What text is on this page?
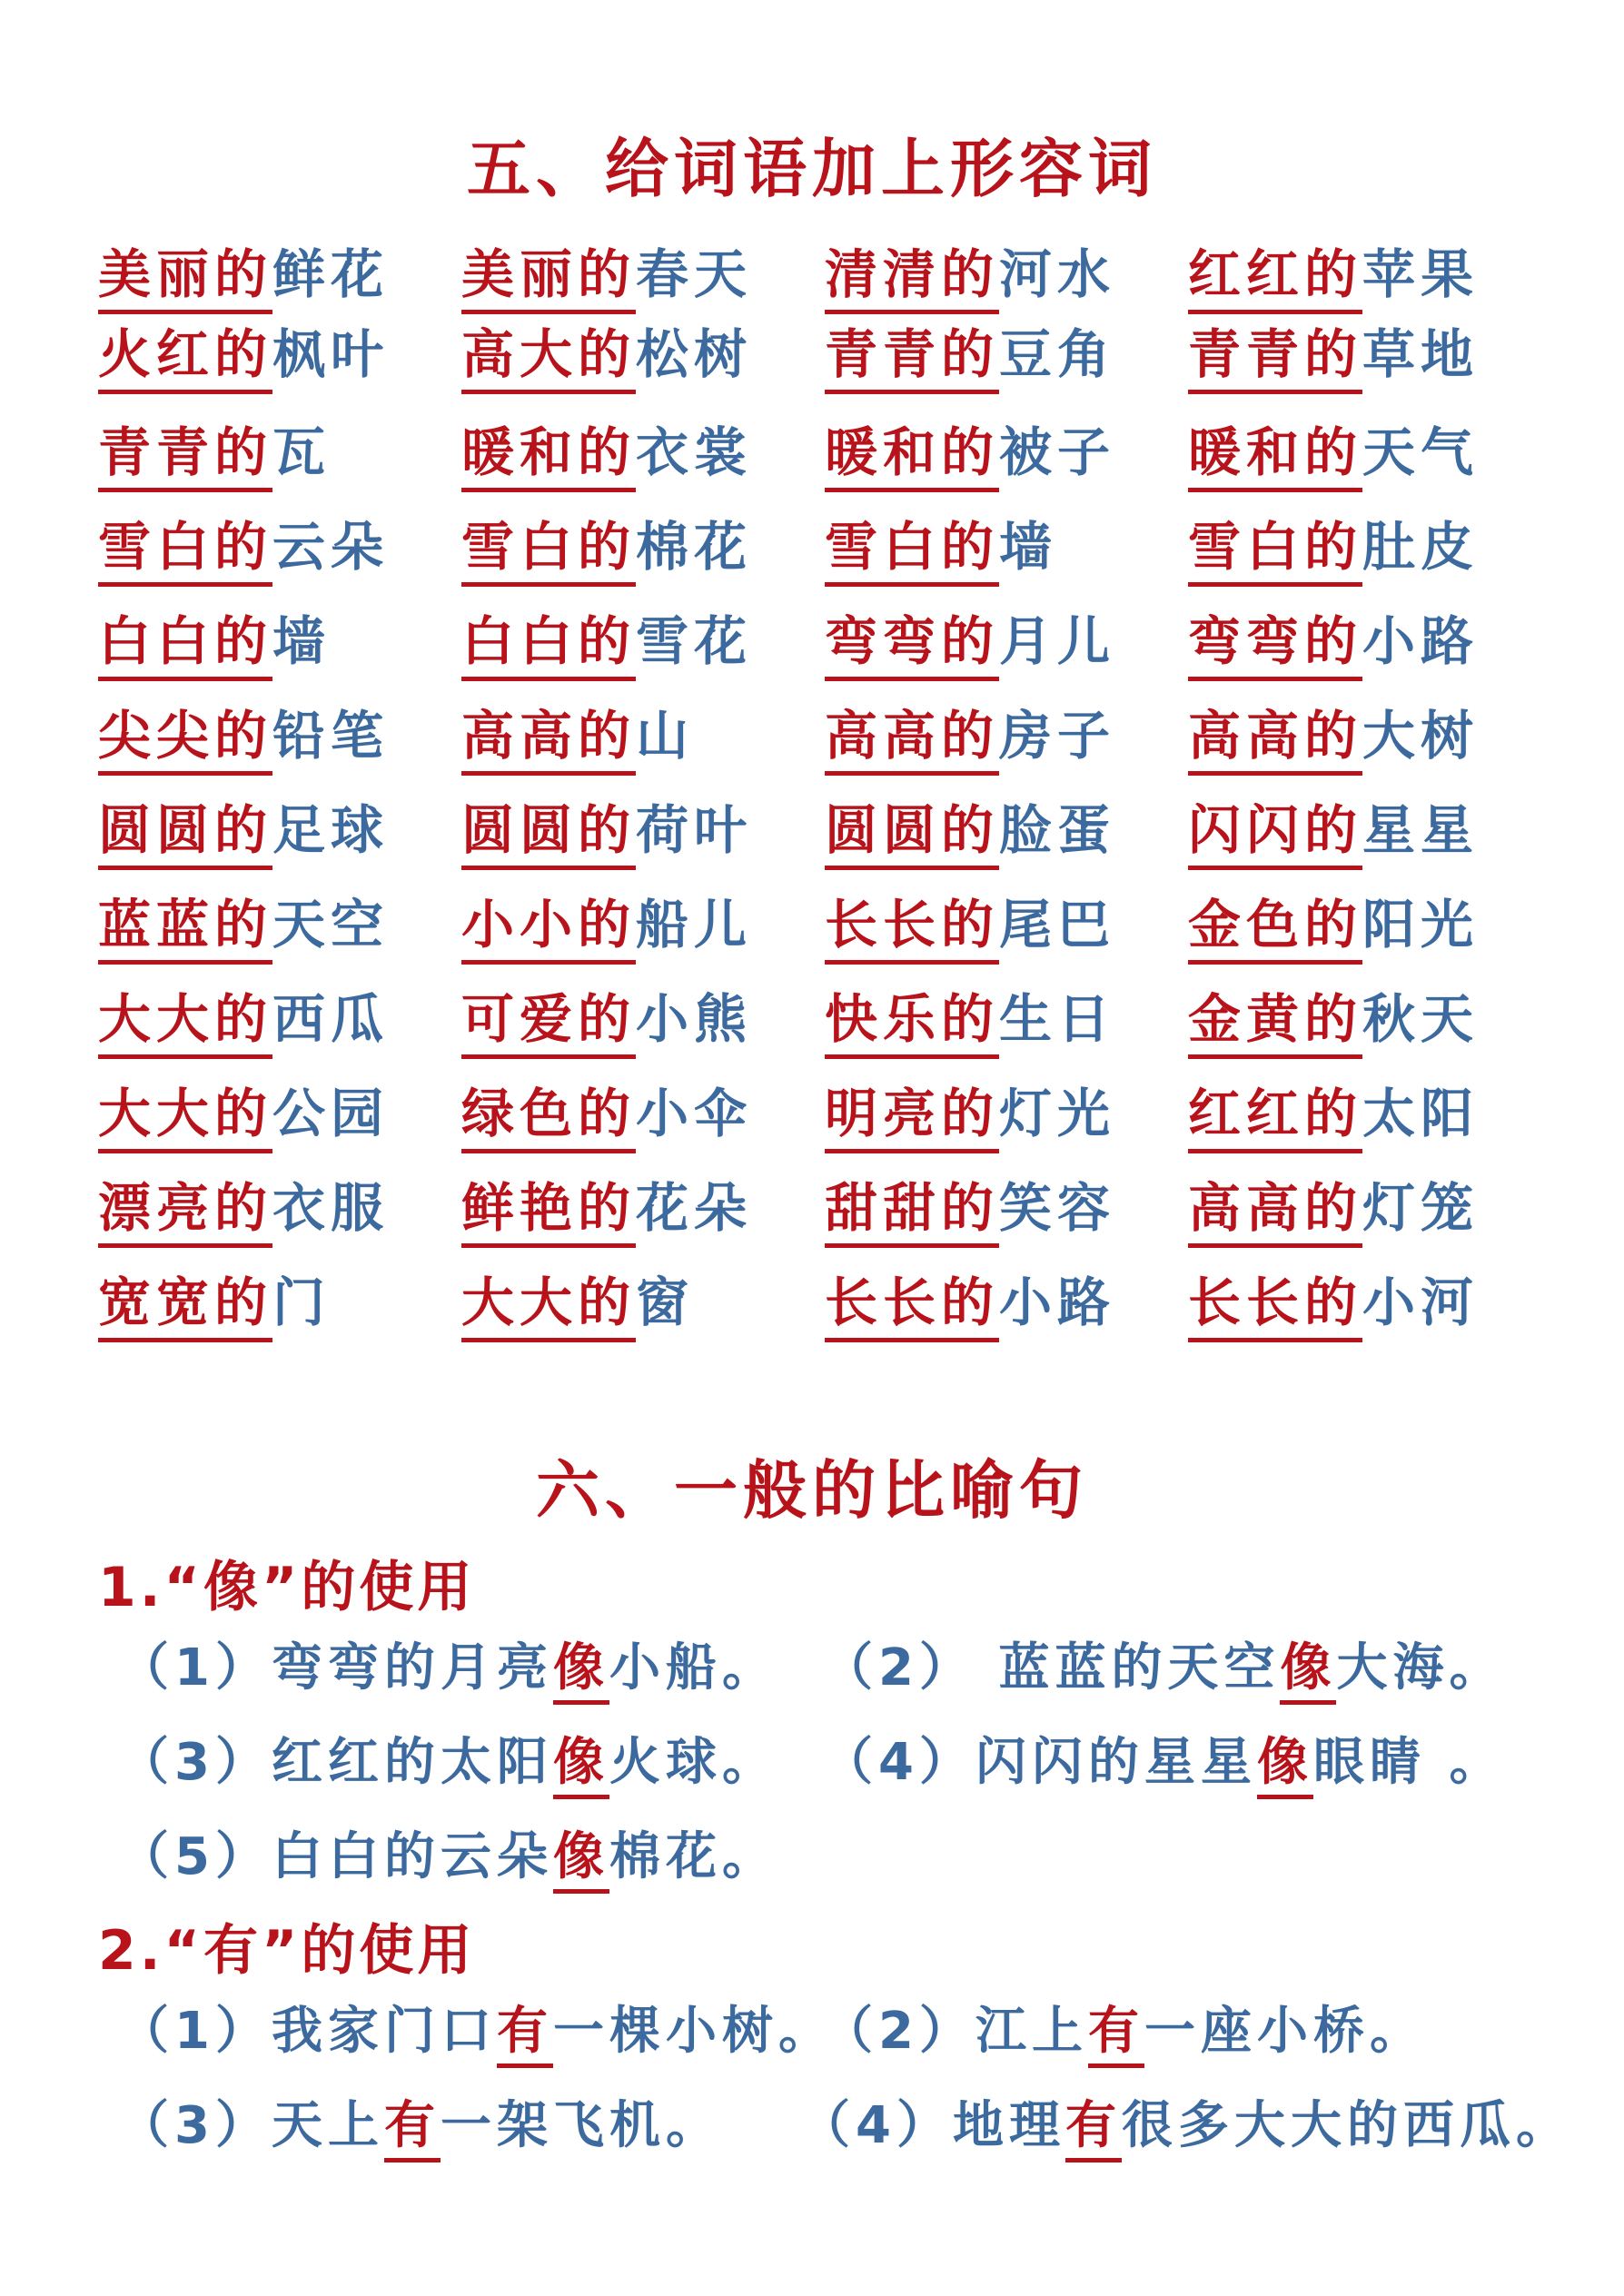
五、给词语加上形容词
美丽的鲜花 美丽的春天 清清的河水 红红的苹果
火红的枫叶 高大的松树 青青的豆角 青青的草地
青青的瓦 暖和的衣裳 暖和的被子 暖和的天气
雪白的云朵 雪白的棉花 雪白的墙 雪白的肚皮
白白的墙 白白的雪花 弯弯的月儿 弯弯的小路
尖尖的铅笔 高高的山 高高的房子 高高的大树
圆圆的足球 圆圆的荷叶 圆圆的脸蛋 闪闪的星星
蓝蓝的天空 小小的船儿 长长的尾巴 金色的阳光
大大的西瓜 可爱的小熊 快乐的生日 金黄的秋天
大大的公园 绿色的小伞 明亮的灯光 红红的太阳
漂亮的衣服 鲜艳的花朵 甜甜的笑容 高高的灯笼
宽宽的门 大大的窗 长长的小路 长长的小河
六、一般的比喻句
1.“像”的使用
（1）弯弯的月亮像小船。 （2） 蓝蓝的天空像大海。
（3）红红的太阳像火球。 （4）闪闪的星星像眼睛 。
（5）白白的云朵像棉花。
2.“有”的使用
（1）我家门口有一棵小树。
（2）江上有一座小桥。
（3）天上有一架飞机。 （4）地理有很多大大的西瓜。
